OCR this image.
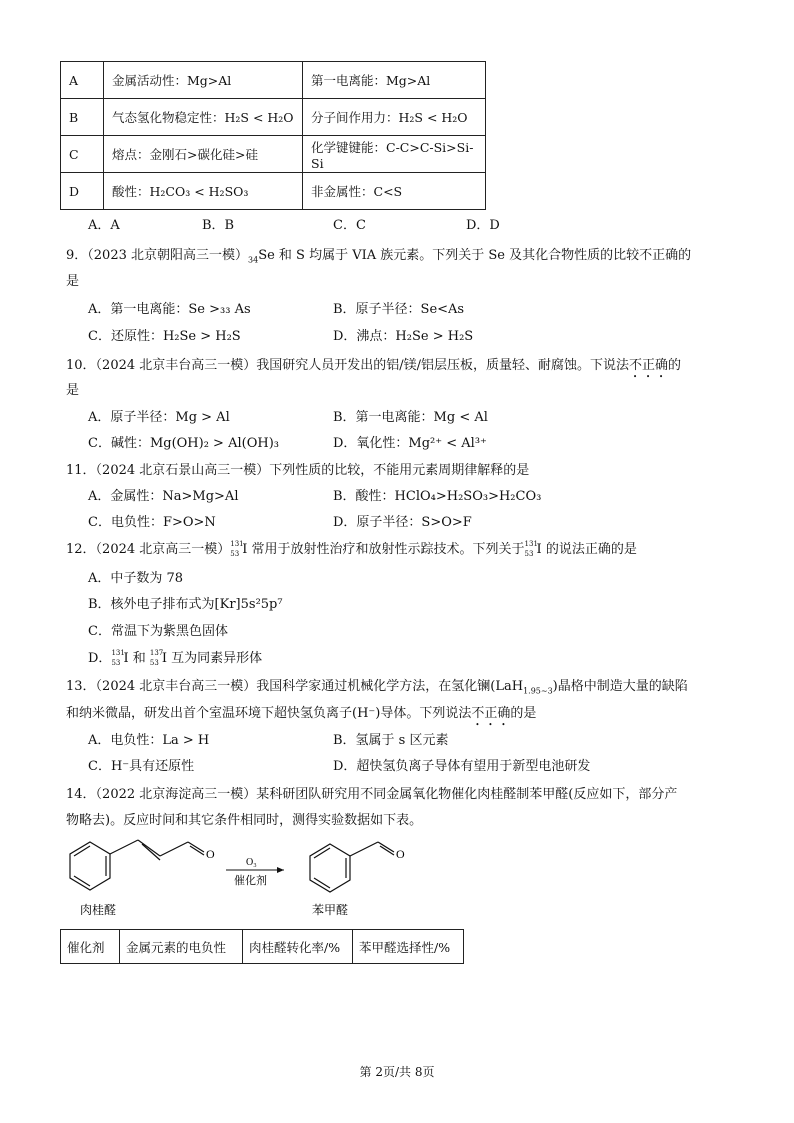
A	金属活动性：Mg>Al	第一电离能：Mg>Al
B	气态氢化物稳定性：H₂S < H₂O	分子间作用力：H₂S < H₂O
C	熔点：金刚石>碳化硅>硅	化学键键能：C-C>C-Si>Si-Si
D	酸性：H₂CO₃ < H₂SO₃	非金属性：C<S
A．A	B．B	C．C	D．D
9．（2023 北京朝阳高三一模）$_{34}Se$ 和 S 均属于 VIA 族元素。下列关于 Se 及其化合物性质的比较不正确的
是
A．第一电离能：Se >₃₃ As	B．原子半径：Se<As
C．还原性：H₂Se > H₂S	D．沸点：H₂Se > H₂S
10．（2024 北京丰台高三一模）我国研究人员开发出的铝/镁/铝层压板，质量轻、耐腐蚀。下说法不正确的
是
A．原子半径：Mg > Al	B．第一电离能：Mg < Al
C．碱性：Mg(OH)₂ > Al(OH)₃	D．氧化性：Mg²⁺ < Al³⁺
11．（2024 北京石景山高三一模）下列性质的比较，不能用元素周期律解释的是
A．金属性：Na>Mg>Al	B．酸性：HClO₄>H₂SO₃>H₂CO₃
C．电负性：F>O>N	D．原子半径：S>O>F
12．（2024 北京高三一模） 131
53 I 常用于放射性治疗和放射性示踪技术。下列关于 131
53 I 的说法正确的是
A．中子数为 78
B．核外电子排布式为[Kr]5s²5p⁷
C．常温下为紫黑色固体
D． 131
53 I 和 137
53 I 互为同素异形体
13．（2024 北京丰台高三一模）我国科学家通过机械化学方法，在氢化镧(LaH$_{1.95\sim 3}$)晶格中制造大量的缺陷
和纳米微晶，研发出首个室温环境下超快氢负离子(H⁻)导体。下列说法不正确的是
A．电负性：La > H	B．氢属于 s 区元素
C．H⁻具有还原性	D．超快氢负离子导体有望用于新型电池研发
14．（2022 北京海淀高三一模）某科研团队研究用不同金属氧化物催化肉桂醛制苯甲醛(反应如下，部分产
物略去)。反应时间和其它条件相同时，测得实验数据如下表。
O
O₃
催化剂
O
肉桂醛	苯甲醛
催化剂	金属元素的电负性	肉桂醛转化率/%	苯甲醛选择性/%
第 2页/共 8页
